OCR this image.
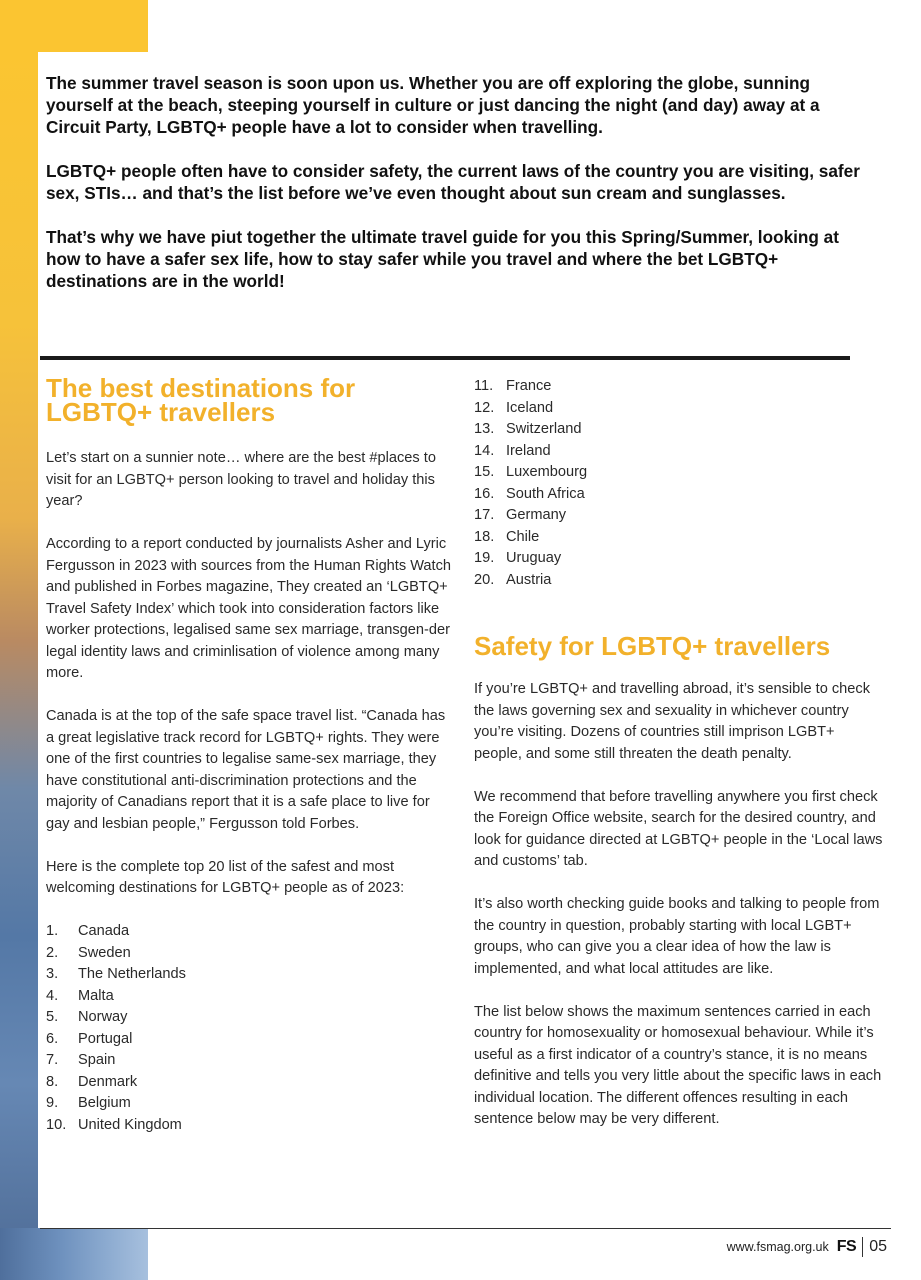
The summer travel season is soon upon us. Whether you are off exploring the globe, sunning yourself at the beach, steeping yourself in culture or just dancing the night (and day) away at a Circuit Party, LGBTQ+ people have a lot to consider when travelling.

LGBTQ+ people often have to consider safety, the current laws of the country you are visiting, safer sex, STIs… and that’s the list before we’ve even thought about sun cream and sunglasses.

That’s why we have piut together the ultimate travel guide for you this Spring/Summer, looking at how to have a safer sex life, how to stay safer while you travel and where the bet LGBTQ+ destinations are in the world!

The best destinations for LGBTQ+ travellers

Let’s start on a sunnier note… where are the best #places to visit for an LGBTQ+ person looking to travel and holiday this year?

According to a report conducted by journalists Asher and Lyric Fergusson in 2023 with sources from the Human Rights Watch and published in Forbes magazine, They created an ‘LGBTQ+ Travel Safety Index’ which took into consideration factors like worker protections, legalised same sex marriage, transgen-der legal identity laws and criminlisation of violence among many more.

Canada is at the top of the safe space travel list. “Canada has a great legislative track record for LGBTQ+ rights. They were one of the first countries to legalise same-sex marriage, they have constitutional anti-discrimination protections and the majority of Canadians report that it is a safe place to live for gay and lesbian people,” Fergusson told Forbes.

Here is the complete top 20 list of the safest and most welcoming destinations for LGBTQ+ people as of 2023:

1.	Canada
2.	Sweden
3.	The Netherlands
4.	Malta
5.	Norway
6.	Portugal
7.	Spain
8.	Denmark
9.	Belgium
10. United Kingdom
11. France
12. Iceland
13. Switzerland
14. Ireland
15. Luxembourg
16. South Africa
17. Germany
18. Chile
19. Uruguay
20. Austria
Safety for LGBTQ+ travellers

If you’re LGBTQ+ and travelling abroad, it’s sensible to check the laws governing sex and sexuality in whichever country you’re visiting. Dozens of countries still imprison LGBT+ people, and some still threaten the death penalty.

We recommend that before travelling anywhere you first check the Foreign Office website, search for the desired country, and look for guidance directed at LGBTQ+ people in the ‘Local laws and customs’ tab.

It’s also worth checking guide books and talking to people from the country in question, probably starting with local LGBT+ groups, who can give you a clear idea of how the law is implemented, and what local attitudes are like.

The list below shows the maximum sentences carried in each country for homosexuality or homosexual behaviour. While it’s useful as a first indicator of a country’s stance, it is no means definitive and tells you very little about the specific laws in each individual location. The different offences resulting in each sentence below may be very different.

www.fsmag.org.uk FS 05
